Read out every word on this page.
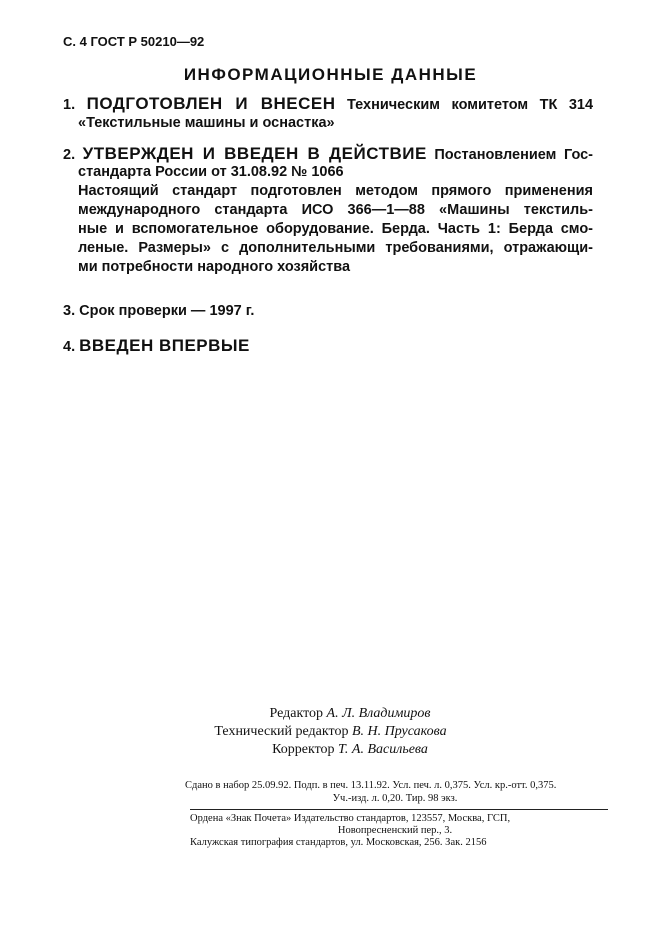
С. 4 ГОСТ Р 50210—92
ИНФОРМАЦИОННЫЕ ДАННЫЕ
1. ПОДГОТОВЛЕН И ВНЕСЕН Техническим комитетом ТК 314
«Текстильные машины и оснастка»
2. УТВЕРЖДЕН И ВВЕДЕН В ДЕЙСТВИЕ Постановлением Гос-
стандарта России от 31.08.92 № 1066
Настоящий стандарт подготовлен методом прямого применения
международного стандарта ИСО 366—1—88 «Машины текстиль-
ные и вспомогательное оборудование. Берда. Часть 1: Берда смо-
леные. Размеры» с дополнительными требованиями, отражающи-
ми потребности народного хозяйства
3. Срок проверки — 1997 г.
4. ВВЕДЕН ВПЕРВЫЕ
Редактор А. Л. Владимиров
Технический редактор В. Н. Прусакова
Корректор Т. А. Васильева
Сдано в набор 25.09.92. Подп. в печ. 13.11.92. Усл. печ. л. 0,375. Усл. кр.-отт. 0,375.
Уч.-изд. л. 0,20. Тир. 98 экз.
Ордена «Знак Почета» Издательство стандартов, 123557, Москва, ГСП,
Новопресненский пер., 3.
Калужская типография стандартов, ул. Московская, 256. Зак. 2156
